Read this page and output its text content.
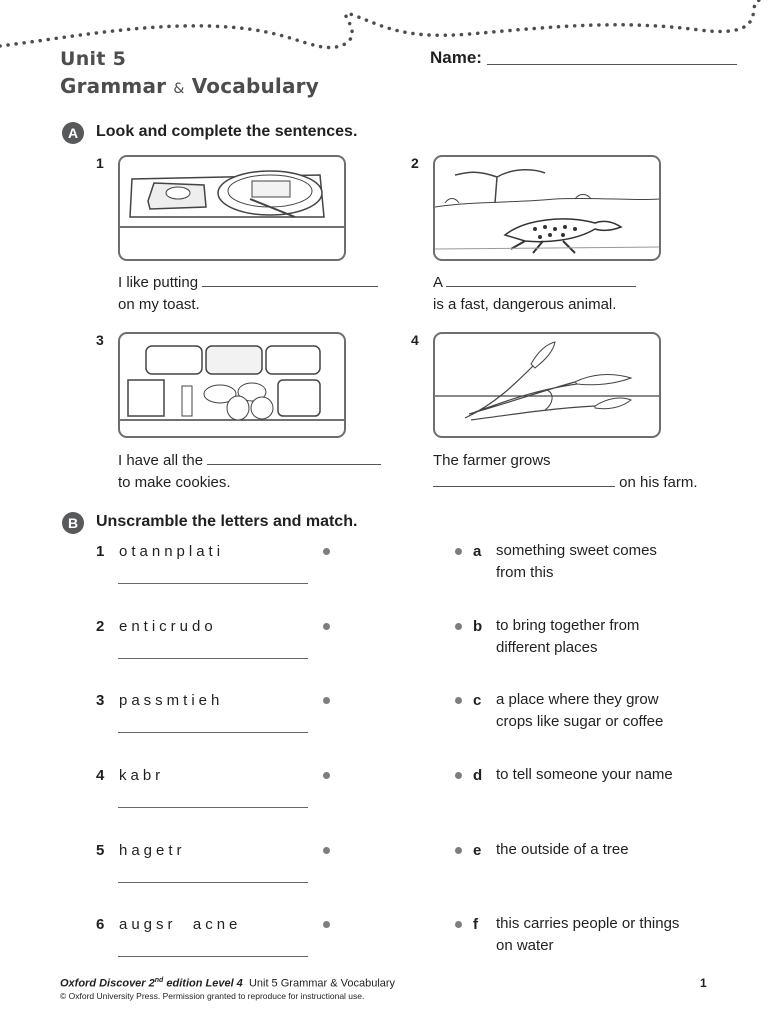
Unit 5
Grammar & Vocabulary
Name:
A	Look and complete the sentences.
1
I like putting
on my toast.
2
A
is a fast, dangerous animal.
3
I have all the
to make cookies.
4
The farmer grows
on his farm.
B	Unscramble the letters and match.
1 otannplati	a something sweet comes
from this
2 enticrudo	b to bring together from
different places
3 passmtieh	c a place where they grow
crops like sugar or coffee
4 kabr	d to tell someone your name
5 hagetr	e the outside of a tree
6 augsr  acne	f this carries people or things
on water
Oxford Discover 2nd edition Level 4 Unit 5 Grammar & Vocabulary
© Oxford University Press. Permission granted to reproduce for instructional use.
1
